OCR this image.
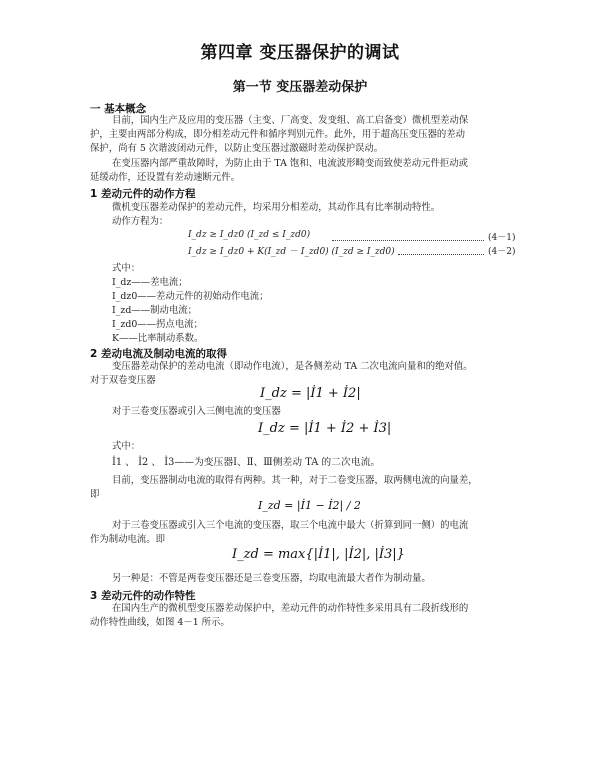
第四章 变压器保护的调试
第一节 变压器差动保护
一 基本概念
目前，国内生产及应用的变压器（主变、厂高变、发变组、高工启备变）微机型差动保
护，主要由两部分构成，即分相差动元件和循序判别元件。此外，用于超高压变压器的差动
保护，尚有 5 次谐波闭动元件，以防止变压器过激磁时差动保护误动。
在变压器内部严重故障时，为防止由于 TA 饱和、电流波形畸变而致使差动元件拒动或
延缓动作，还设置有差动速断元件。
1 差动元件的动作方程
微机变压器差动保护的差动元件，均采用分相差动，其动作具有比率制动特性。
动作方程为：
I_dz ≥ I_dz0 (I_zd ≤ I_zd0)	(4－1)
I_dz ≥ I_dz0 + K(I_zd － I_zd0) (I_zd ≥ I_zd0)	(4－2)
式中：
I_dz——差电流；
I_dz0——差动元件的初始动作电流；
I_zd——制动电流；
I_zd0——拐点电流；
K——比率制动系数。
2 差动电流及制动电流的取得
变压器差动保护的差动电流（即动作电流），是各侧差动 TA 二次电流向量和的绝对值。
对于双卷变压器
I_dz = |İ1 + İ2|
对于三卷变压器或引入三侧电流的变压器
I_dz = |İ1 + İ2 + İ3|
式中：
İ1 、 İ2 、 İ3——为变压器Ⅰ、Ⅱ、Ⅲ侧差动 TA 的二次电流。
目前，变压器制动电流的取得有两种。其一种，对于二卷变压器，取两侧电流的向量差，
即
I_zd = |İ1 − İ2| / 2
对于三卷变压器或引入三个电流的变压器，取三个电流中最大（折算到同一侧）的电流
作为制动电流。即
I_zd = max{|İ1|, |İ2|, |İ3|}
另一种是：不管是两卷变压器还是三卷变压器，均取电流最大者作为制动量。
3 差动元件的动作特性
在国内生产的微机型变压器差动保护中，差动元件的动作特性多采用具有二段折线形的
动作特性曲线，如图 4－1 所示。
